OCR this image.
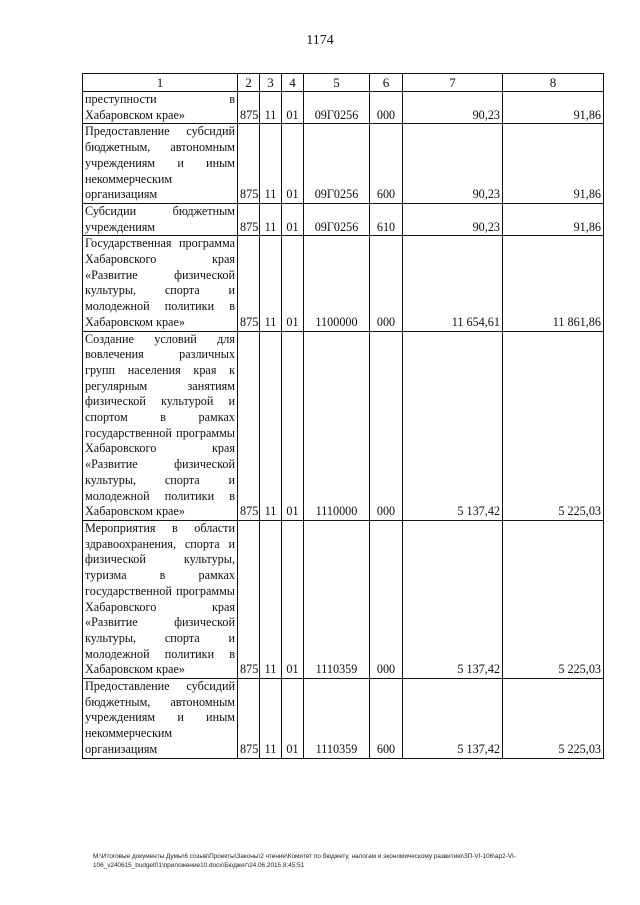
1174
1	2	3	4	5	6	7	8
преступности в Хабаровском крае»	875	11	01	09Г0256	000	90,23	91,86
Предоставление субсидий бюджетным, автономным учреждениям и иным некоммерческим организациям	875	11	01	09Г0256	600	90,23	91,86
Субсидии бюджетным учреждениям	875	11	01	09Г0256	610	90,23	91,86
Государственная программа Хабаровского края «Развитие физической культуры, спорта и молодежной политики в Хабаровском крае»	875	11	01	1100000	000	11 654,61	11 861,86
Создание условий для вовлечения различных групп населения края к регулярным занятиям физической культурой и спортом в рамках государственной программы Хабаровского края «Развитие физической культуры, спорта и молодежной политики в Хабаровском крае»	875	11	01	1110000	000	5 137,42	5 225,03
Мероприятия в области здравоохранения, спорта и физической культуры, туризма в рамках государственной программы Хабаровского края «Развитие физической культуры, спорта и молодежной политики в Хабаровском крае»	875	11	01	1110359	000	5 137,42	5 225,03
Предоставление субсидий бюджетным, автономным учреждениям и иным некоммерческим организациям	875	11	01	1110359	600	5 137,42	5 225,03
M:\Итоговые документы Думы\6 созыв\Проекты\Законы\2 чтение\Комитет по бюджету, налогам и экономическому развитию\ЗП-VI-106\ар2-VI-106_v240615_budget01\приложение10.docx\Бюджет\24.06.2015 8:45:51
